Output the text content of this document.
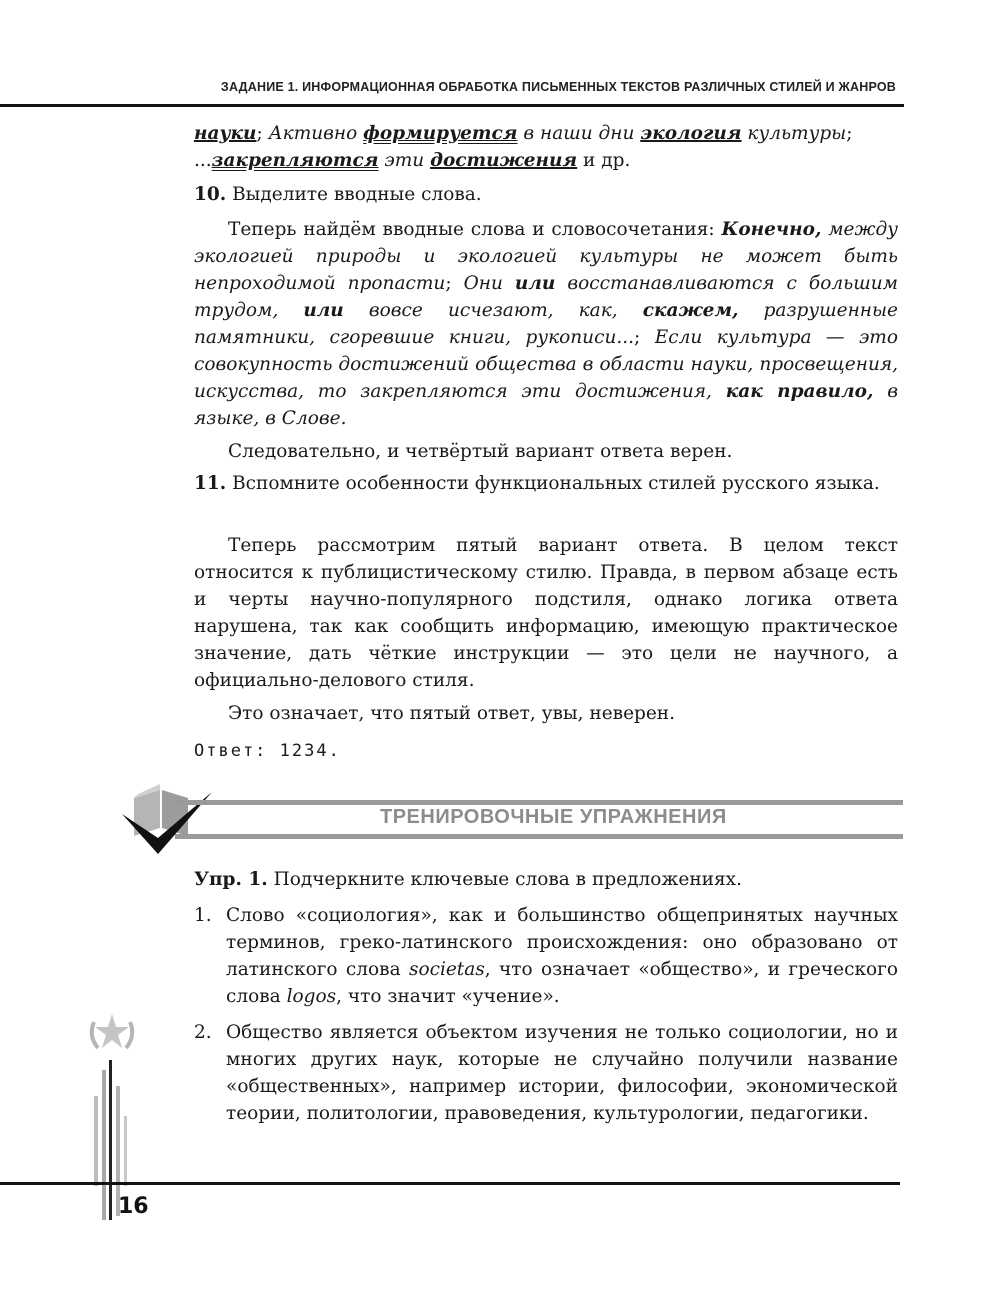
ЗАДАНИЕ 1. ИНФОРМАЦИОННАЯ ОБРАБОТКА ПИСЬМЕННЫХ ТЕКСТОВ РАЗЛИЧНЫХ СТИЛЕЙ И ЖАНРОВ

науки; Активно формируется в наши дни экология культуры;
...закрепляются эти достижения и др.

10. Выделите вводные слова.

Теперь найдём вводные слова и словосочетания: Конечно, между экологией природы и экологией культуры не может быть непроходимой пропасти; Они или восстанавливаются с большим трудом, или вовсе исчезают, как, скажем, разрушенные памятники, сгоревшие книги, рукописи...; Если культура — это совокупность достижений общества в области науки, просвещения, искусства, то закрепляются эти достижения, как правило, в языке, в Слове.

Следовательно, и четвёртый вариант ответа верен.

11. Вспомните особенности функциональных стилей русского языка.

Теперь рассмотрим пятый вариант ответа. В целом текст относится к публицистическому стилю. Правда, в первом абзаце есть и черты научно-популярного подстиля, однако логика ответа нарушена, так как сообщить информацию, имеющую практическое значение, дать чёткие инструкции — это цели не научного, а официально-делового стиля.

Это означает, что пятый ответ, увы, неверен.

Ответ: 1234.

ТРЕНИРОВОЧНЫЕ УПРАЖНЕНИЯ

Упр. 1. Подчеркните ключевые слова в предложениях.

1. Слово «социология», как и большинство общепринятых научных терминов, греко-латинского происхождения: оно образовано от латинского слова societas, что означает «общество», и греческого слова logos, что значит «учение».
2. Общество является объектом изучения не только социологии, но и многих других наук, которые не случайно получили название «общественных», например истории, философии, экономической теории, политологии, правоведения, культурологии, педагогики.
16
